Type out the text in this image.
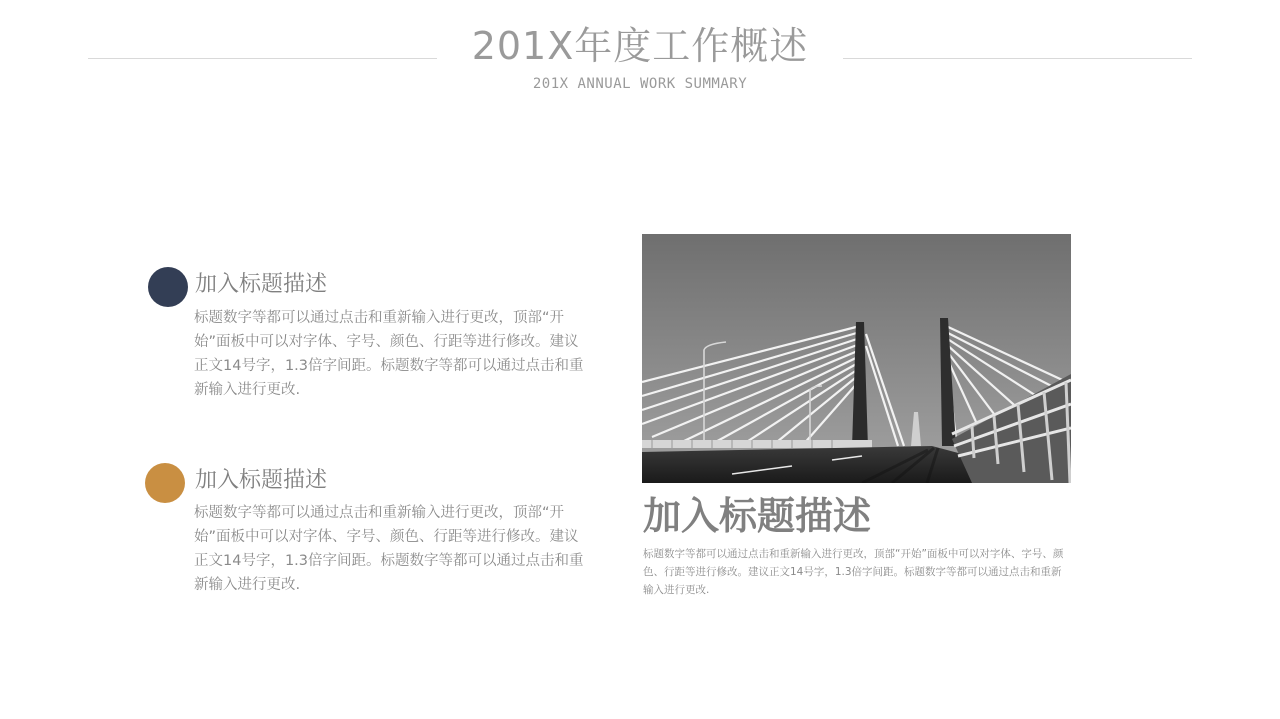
201X年度工作概述
201X ANNUAL WORK SUMMARY
加入标题描述

标题数字等都可以通过点击和重新输入进行更改，顶部“开始”面板中可以对字体、字号、颜色、行距等进行修改。建议正文14号字，1.3倍字间距。标题数字等都可以通过点击和重新输入进行更改.

加入标题描述

标题数字等都可以通过点击和重新输入进行更改，顶部“开始”面板中可以对字体、字号、颜色、行距等进行修改。建议正文14号字，1.3倍字间距。标题数字等都可以通过点击和重新输入进行更改.

加入标题描述

标题数字等都可以通过点击和重新输入进行更改，顶部“开始”面板中可以对字体、字号、颜色、行距等进行修改。建议正文14号字，1.3倍字间距。标题数字等都可以通过点击和重新输入进行更改.
